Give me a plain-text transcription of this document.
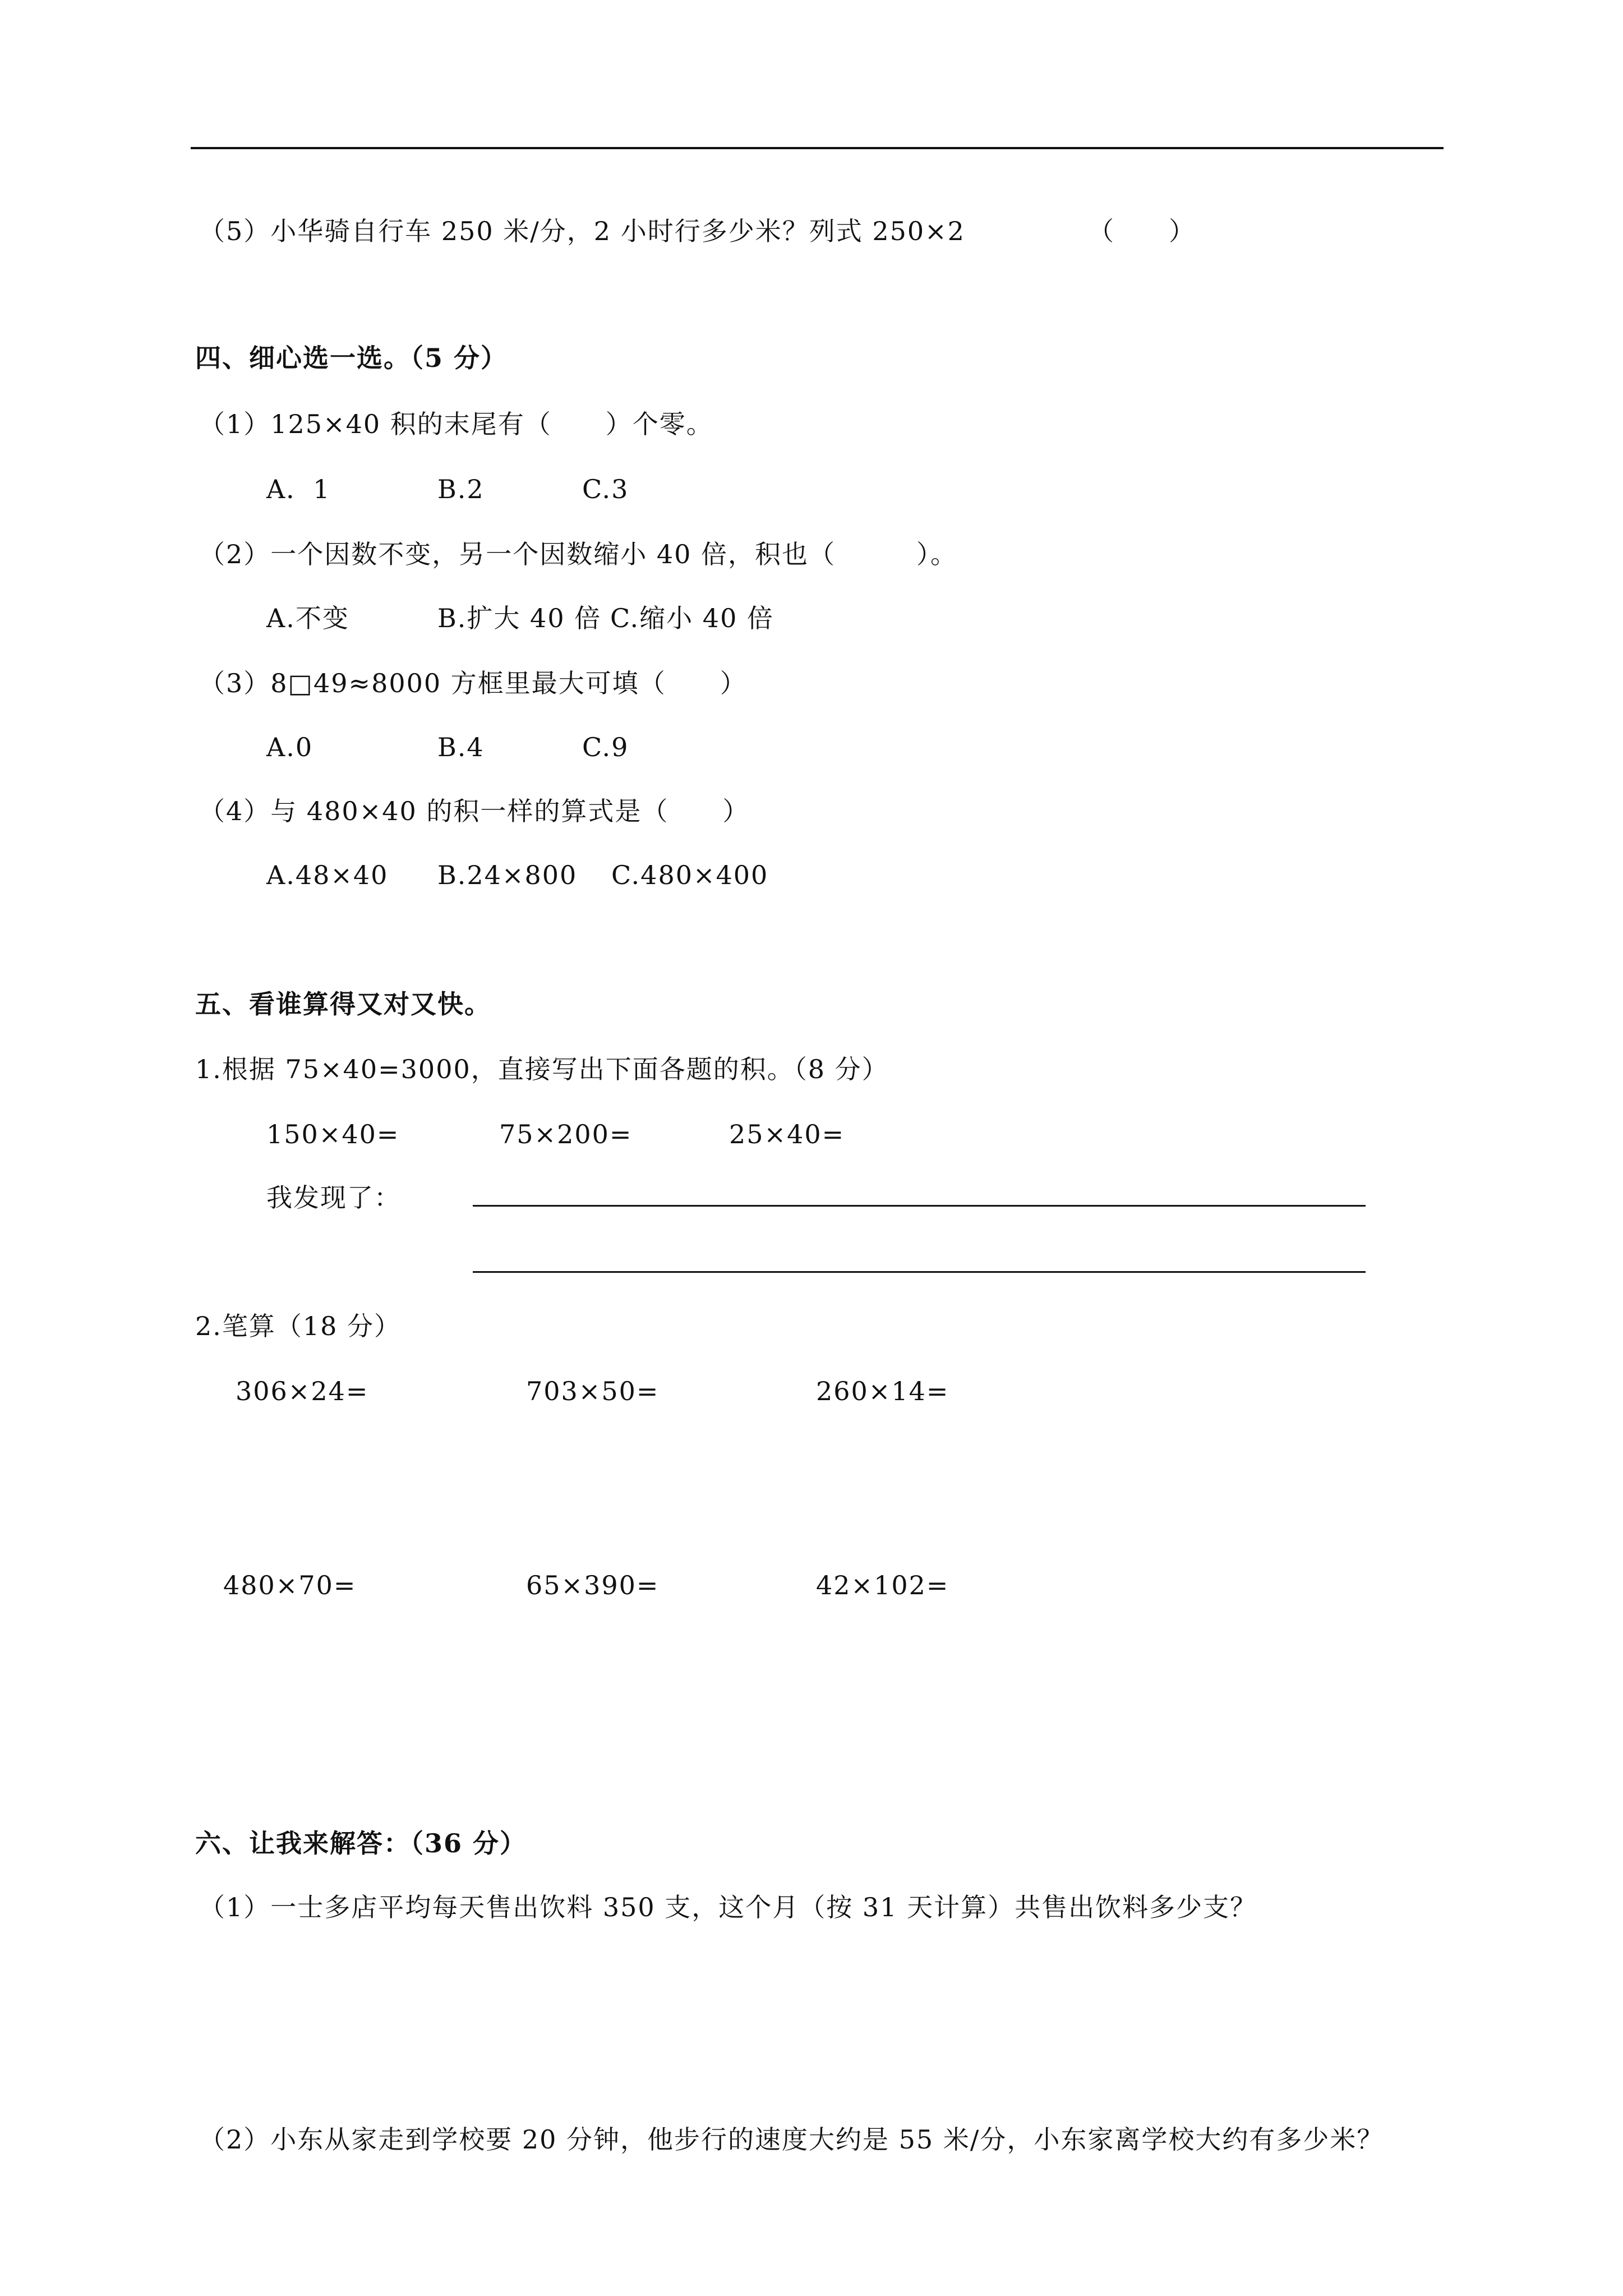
（5）小华骑自行车 250 米/分，2 小时行多少米？列式 250×2	（　　）
四、细心选一选。（5 分）
（1）125×40 积的末尾有（　　）个零。
A．1	B.2	C.3
（2）一个因数不变，另一个因数缩小 40 倍，积也（　　　）。
A.不变	B.扩大 40 倍 C.缩小 40 倍
（3）8□49≈8000 方框里最大可填（　　）
A.0	B.4	C.9
（4）与 480×40 的积一样的算式是（　　）
A.48×40 B.24×800 C.480×400
五、看谁算得又对又快。
1.根据 75×40=3000，直接写出下面各题的积。（8 分）
150×40=	75×200=	25×40=
我发现了：
2.笔算（18 分）
306×24=	703×50=	260×14=
480×70=	65×390=	42×102=
六、让我来解答：（36 分）
（1）一士多店平均每天售出饮料 350 支，这个月（按 31 天计算）共售出饮料多少支？
（2）小东从家走到学校要 20 分钟，他步行的速度大约是 55 米/分，小东家离学校大约有多少米？
